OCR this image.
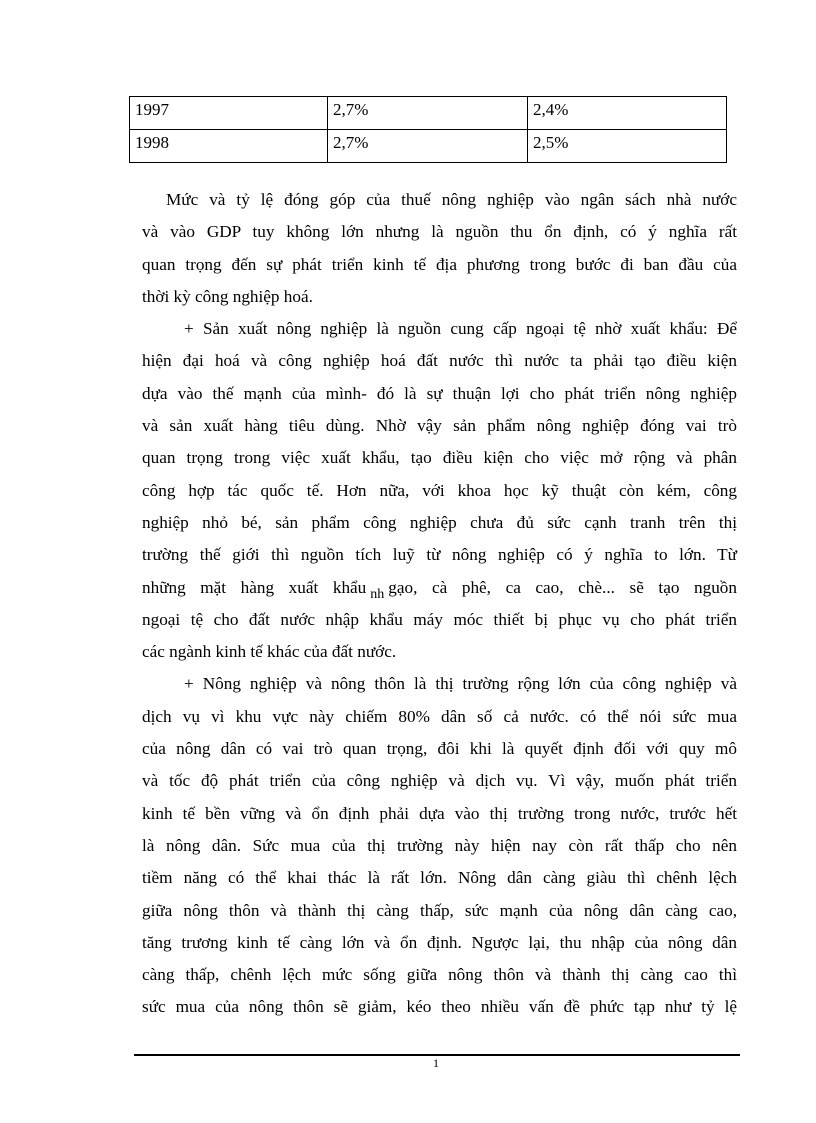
1997	2,7%	2,4%
1998	2,7%	2,5%
Mức và tỷ lệ đóng góp của thuế nông nghiệp vào ngân sách nhà nước
và vào GDP tuy không lớn nhưng là nguồn thu ổn định, có ý nghĩa rất
quan trọng đến sự phát triển kinh tế địa phương trong bước đi ban đầu của
thời kỳ công nghiệp hoá.
+ Sản xuất nông nghiệp là nguồn cung cấp ngoại tệ nhờ xuất khẩu: Để
hiện đại hoá và công nghiệp hoá đất nước thì nước ta phải tạo điều kiện
dựa vào thế mạnh của mình- đó là sự thuận lợi cho phát triển nông nghiệp
và sản xuất hàng tiêu dùng. Nhờ vậy sản phẩm nông nghiệp đóng vai trò
quan trọng trong việc xuất khẩu, tạo điều kiện cho việc mở rộng và phân
công hợp tác quốc tế. Hơn nữa, với khoa học kỹ thuật còn kém, công
nghiệp nhỏ bé, sản phẩm công nghiệp chưa đủ sức cạnh tranh trên thị
trường thế giới thì nguồn tích luỹ từ nông nghiệp có ý nghĩa to lớn. Từ
những mặt hàng xuất khẩu $_{nh}$ gạo, cà phê, ca cao, chè... sẽ tạo nguồn
ngoại tệ cho đất nước nhập khẩu máy móc thiết bị phục vụ cho phát triển
các ngành kinh tế khác của đất nước.
+ Nông nghiệp và nông thôn là thị trường rộng lớn của công nghiệp và
dịch vụ vì khu vực này chiếm 80% dân số cả nước. có thể nói sức mua
của nông dân có vai trò quan trọng, đôi khi là quyết định đối với quy mô
và tốc độ phát triển của công nghiệp và dịch vụ. Vì vậy, muốn phát triển
kinh tế bền vững và ổn định phải dựa vào thị trường trong nước, trước hết
là nông dân. Sức mua của thị trường này hiện nay còn rất thấp cho nên
tiềm năng có thể khai thác là rất lớn. Nông dân càng giàu thì chênh lệch
giữa nông thôn và thành thị càng thấp, sức mạnh của nông dân càng cao,
tăng trương kinh tế càng lớn và ổn định. Ngược lại, thu nhập của nông dân
càng thấp, chênh lệch mức sống giữa nông thôn và thành thị càng cao thì
sức mua của nông thôn sẽ giảm, kéo theo nhiều vấn đề phức tạp như tỷ lệ
1
